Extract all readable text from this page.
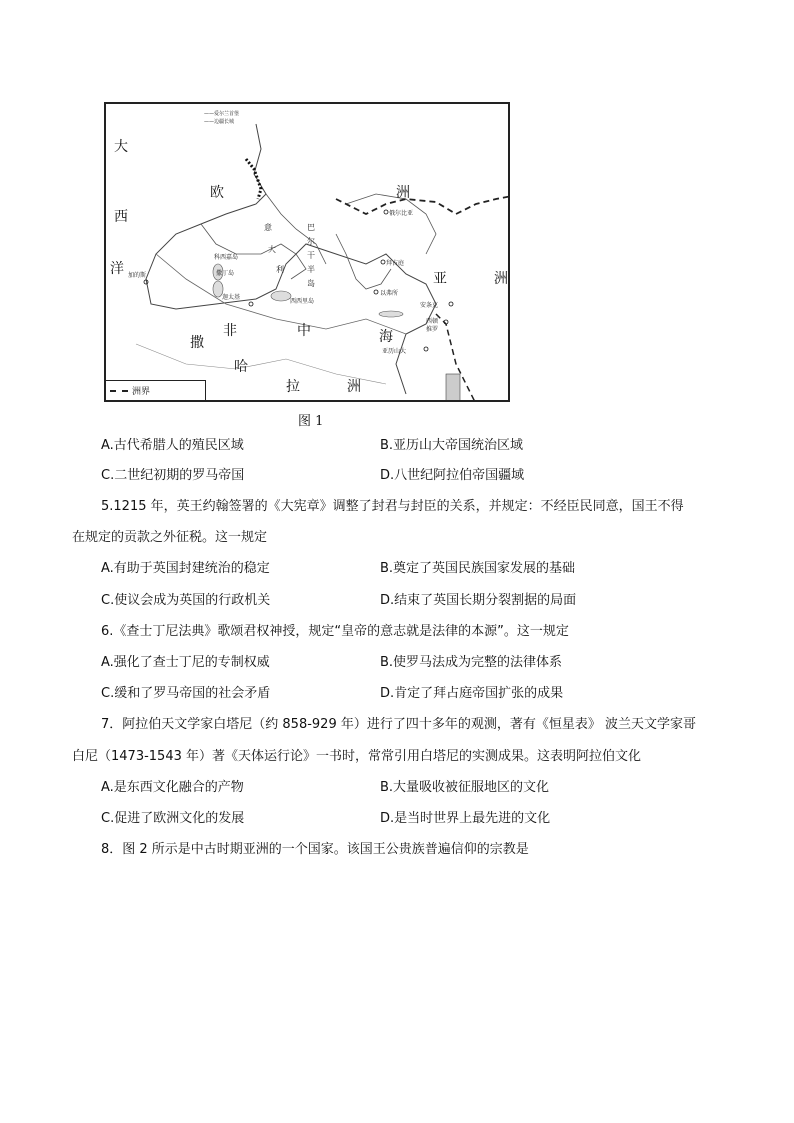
——爱尔兰首堡
——边疆长城
大
西
洋
欧	洲
亚	洲
非	中	海
撒
哈
拉	洲
巴
尔
干
半
岛
意
大
利
俄尔比亚
科西嘉岛
撒丁岛
迦太基
西西里岛
加的斯
拜占庭
以弗所
安条克
西顿
推罗
亚历山大
洲界
图 1
A.古代希腊人的殖民区域	B.亚历山大帝国统治区域
C.二世纪初期的罗马帝国	D.八世纪阿拉伯帝国疆域
5.1215 年，英王约翰签署的《大宪章》调整了封君与封臣的关系，并规定：不经臣民同意，国王不得
在规定的贡款之外征税。这一规定
A.有助于英国封建统治的稳定	B.奠定了英国民族国家发展的基础
C.使议会成为英国的行政机关	D.结束了英国长期分裂割据的局面
6.《查士丁尼法典》歌颂君权神授，规定“皇帝的意志就是法律的本源”。这一规定
A.强化了查士丁尼的专制权威	B.使罗马法成为完整的法律体系
C.缓和了罗马帝国的社会矛盾	D.肯定了拜占庭帝国扩张的成果
7．阿拉伯天文学家白塔尼（约 858-929 年）进行了四十多年的观测，著有《恒星表》 波兰天文学家哥
白尼（1473-1543 年）著《天体运行论》一书时，常常引用白塔尼的实测成果。这表明阿拉伯文化
A.是东西文化融合的产物	B.大量吸收被征服地区的文化
C.促进了欧洲文化的发展	D.是当时世界上最先进的文化
8．图 2 所示是中古时期亚洲的一个国家。该国王公贵族普遍信仰的宗教是
